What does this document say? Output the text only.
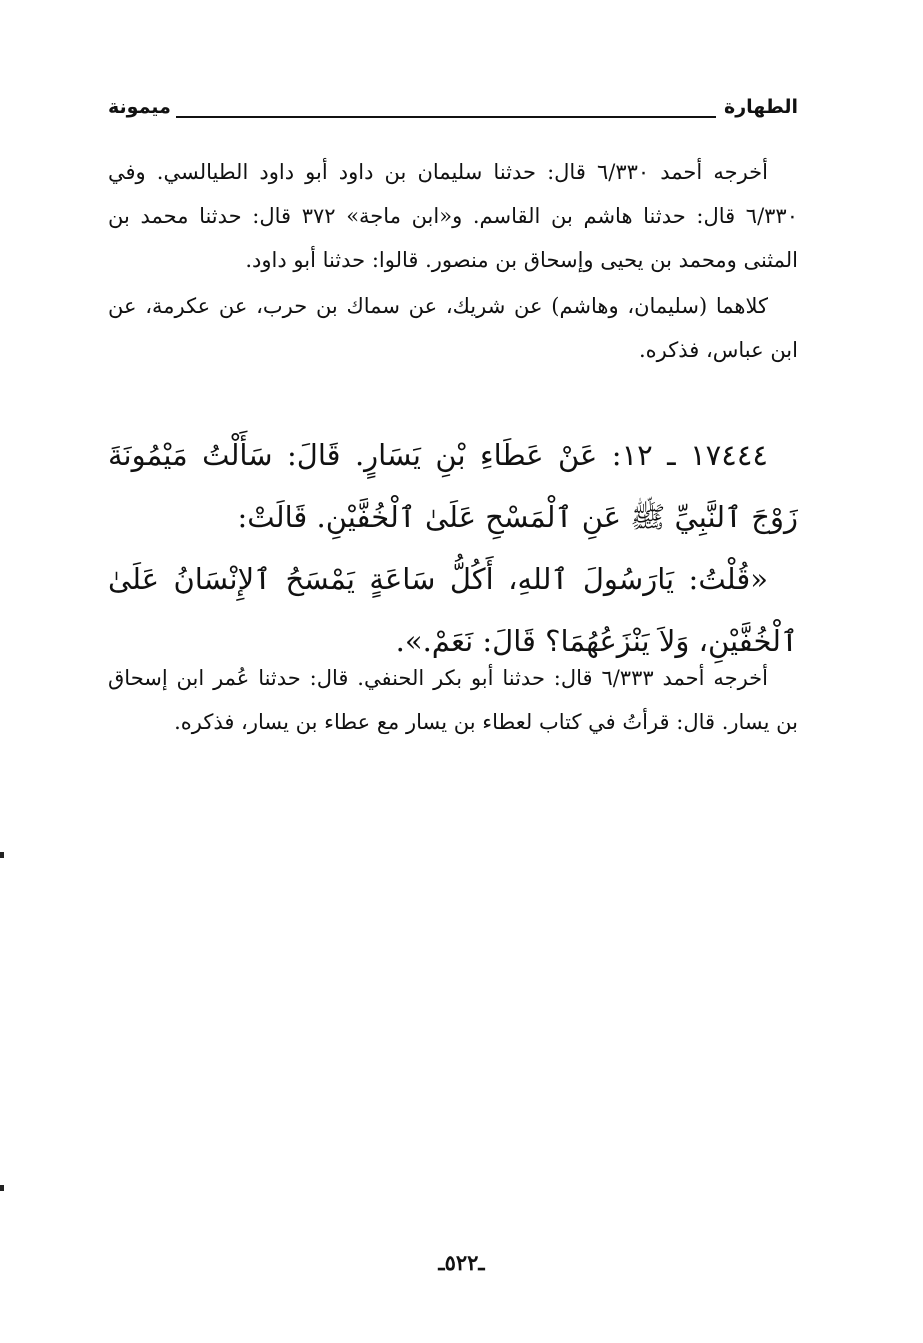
الطهارة
ميمونة

أخرجه أحمد ٦/٣٣٠ قال: حدثنا سليمان بن داود أبو داود الطيالسي. وفي ٦/٣٣٠ قال: حدثنا هاشم بن القاسم. و«ابن ماجة» ٣٧٢ قال: حدثنا محمد بن المثنى ومحمد بن يحيى وإسحاق بن منصور. قالوا: حدثنا أبو داود.

كلاهما (سليمان، وهاشم) عن شريك، عن سماك بن حرب، عن عكرمة، عن ابن عباس، فذكره.

١٧٤٤٤ ـ ١٢: عَنْ عَطَاءِ بْنِ يَسَارٍ. قَالَ: سَأَلْتُ مَيْمُونَةَ زَوْجَ ٱلنَّبِيِّ ﷺ عَنِ ٱلْمَسْحِ عَلَىٰ ٱلْخُفَّيْنِ. قَالَتْ:

«قُلْتُ: يَارَسُولَ ٱللهِ، أَكُلُّ سَاعَةٍ يَمْسَحُ ٱلإِنْسَانُ عَلَىٰ ٱلْخُفَّيْنِ، وَلاَ يَنْزَعُهُمَا؟ قَالَ: نَعَمْ.».

أخرجه أحمد ٦/٣٣٣ قال: حدثنا أبو بكر الحنفي. قال: حدثنا عُمر ابن إسحاق بن يسار. قال: قرأتُ في كتاب لعطاء بن يسار مع عطاء بن يسار، فذكره.

ـ٥٢٢ـ
